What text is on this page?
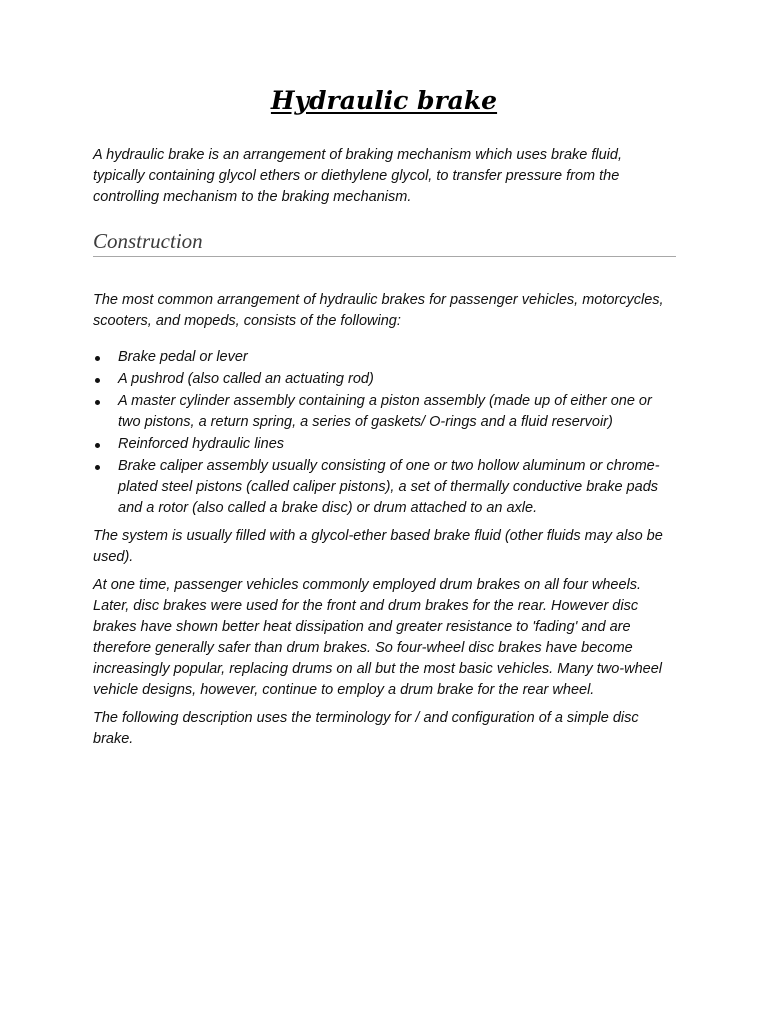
Hydraulic brake

A hydraulic brake is an arrangement of braking mechanism which uses brake fluid, typically containing glycol ethers or diethylene glycol, to transfer pressure from the controlling mechanism to the braking mechanism.

Construction

The most common arrangement of hydraulic brakes for passenger vehicles, motorcycles, scooters, and mopeds, consists of the following:

Brake pedal or lever
A pushrod (also called an actuating rod)
A master cylinder assembly containing a piston assembly (made up of either one or two pistons, a return spring, a series of gaskets/ O-rings and a fluid reservoir)
Reinforced hydraulic lines
Brake caliper assembly usually consisting of one or two hollow aluminum or chrome-plated steel pistons (called caliper pistons), a set of thermally conductive brake pads and a rotor (also called a brake disc) or drum attached to an axle.

The system is usually filled with a glycol-ether based brake fluid (other fluids may also be used).

At one time, passenger vehicles commonly employed drum brakes on all four wheels. Later, disc brakes were used for the front and drum brakes for the rear. However disc brakes have shown better heat dissipation and greater resistance to 'fading' and are therefore generally safer than drum brakes. So four-wheel disc brakes have become increasingly popular, replacing drums on all but the most basic vehicles. Many two-wheel vehicle designs, however, continue to employ a drum brake for the rear wheel.

The following description uses the terminology for / and configuration of a simple disc brake.
